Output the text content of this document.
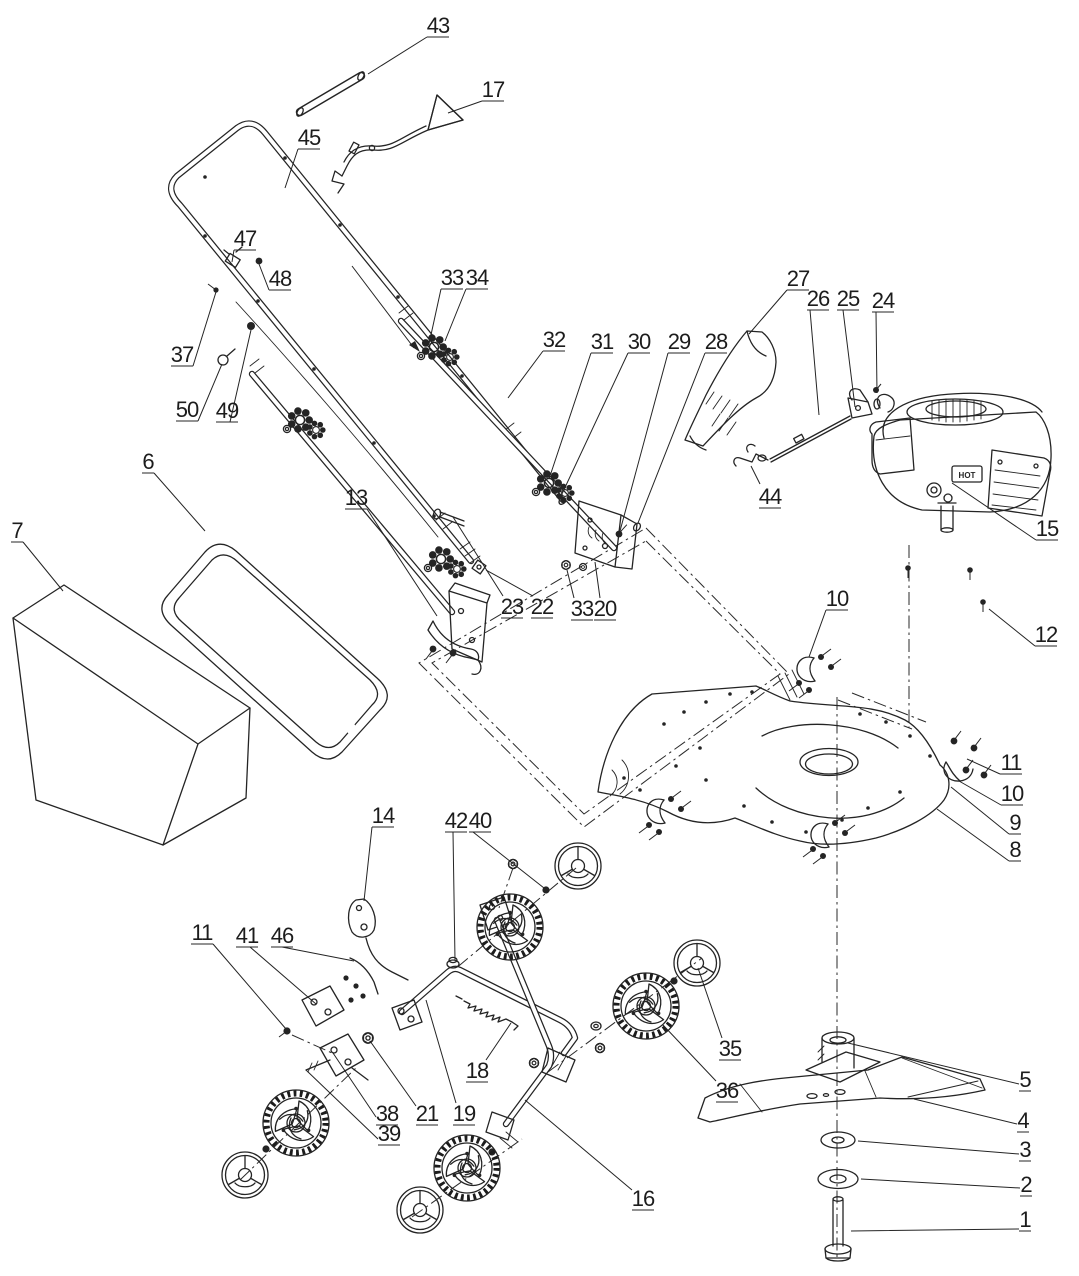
HOT
43
17
45
47
48	33 34
37
50 49
32 31 30 29 28
27
26 25 24
44
15
12
6
7
13
23 22 33 20	10
11
10
9
8
14 42 40
11 41 46
18
38
39
21 19
16
35
36	5
4
3
2
1
